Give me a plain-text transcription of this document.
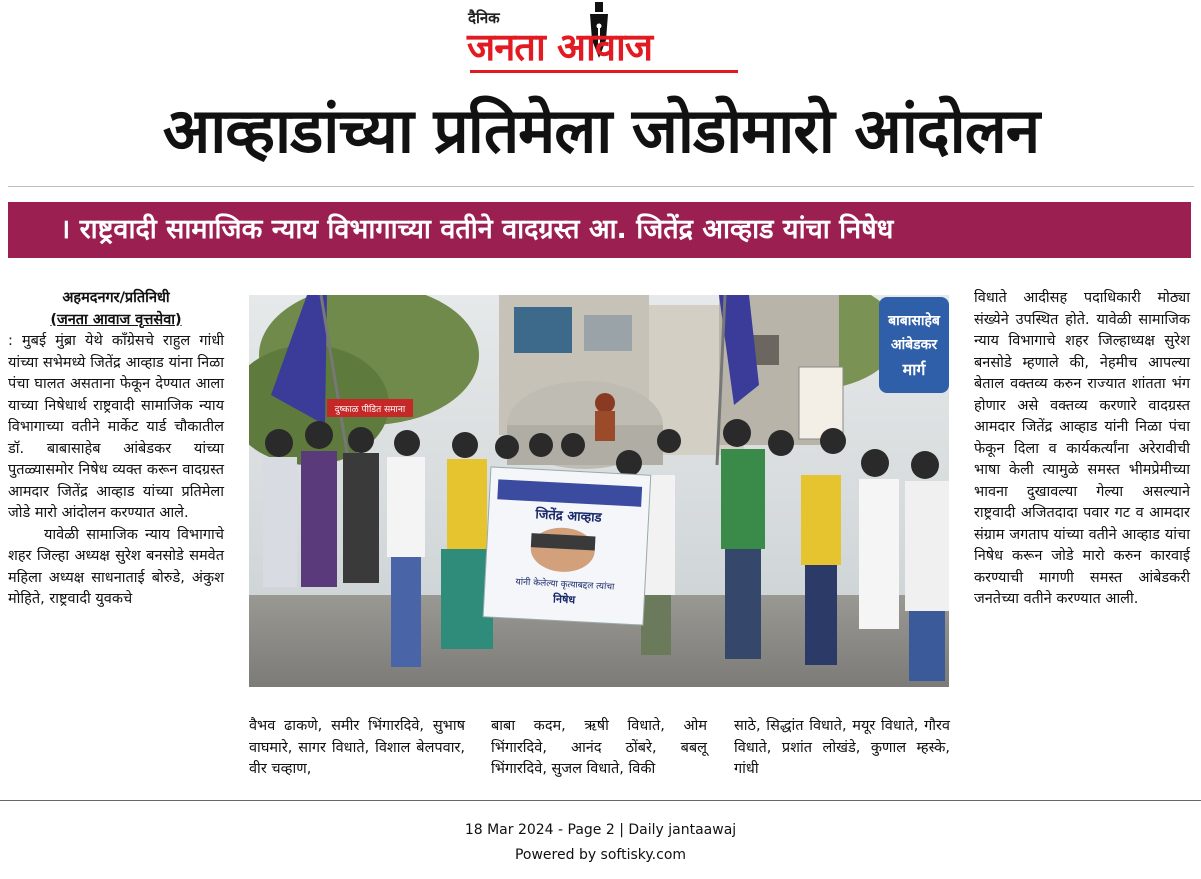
दैनिक
जनता आवाज
आव्हाडांच्या प्रतिमेला जोडोमारो आंदोलन
। राष्ट्रवादी सामाजिक न्याय विभागाच्या वतीने वादग्रस्त आ. जितेंद्र आव्हाड यांचा निषेध

अहमदनगर/प्रतिनिधी

(जनता आवाज वृत्तसेवा)

: मुबई मुंब्रा येथे कॉंग्रेसचे राहुल गांधी यांच्या सभेमध्ये जितेंद्र आव्हाड यांना निळा पंचा घालत असताना फेकून देण्यात आला याच्या निषेधार्थ राष्ट्रवादी सामाजिक न्याय विभागाच्या वतीने मार्केट यार्ड चौकातील डॉ. बाबासाहेब आंबेडकर यांच्या पुतळ्यासमोर निषेध व्यक्त करून वादग्रस्त आमदार जितेंद्र आव्हाड यांच्या प्रतिमेला जोडे मारो आंदोलन करण्यात आले.

यावेळी सामाजिक न्याय विभागाचे शहर जिल्हा अध्यक्ष सुरेश बनसोडे समवेत महिला अध्यक्ष साधनाताई बोरुडे, अंकुश मोहिते, राष्ट्रवादी युवकचे

बाबासाहेब
आंबेडकर
मार्ग
दुष्काळ पीडित समाना
जितेंद्र आव्हाड
यांनी केलेल्या कृत्याबद्दल त्यांचा
निषेध

वैभव ढाकणे, समीर भिंगारदिवे, सुभाष वाघमारे, सागर विधाते, विशाल बेलपवार, वीर चव्हाण,

बाबा कदम, ऋषी विधाते, ओम भिंगारदिवे, आनंद ठोंबरे, बबलू भिंगारदिवे, सुजल विधाते, विकी

साठे, सिद्धांत विधाते, मयूर विधाते, गौरव विधाते, प्रशांत लोखंडे, कुणाल म्हस्के, गांधी

विधाते आदीसह पदाधिकारी मोठ्या संख्येने उपस्थित होते. यावेळी सामाजिक न्याय विभागाचे शहर जिल्हाध्यक्ष सुरेश बनसोडे म्हणाले की, नेहमीच आपल्या बेताल वक्तव्य करुन राज्यात शांतता भंग होणार असे वक्तव्य करणारे वादग्रस्त आमदार जितेंद्र आव्हाड यांनी निळा पंचा फेकून दिला व कार्यकर्त्यांना अरेरावीची भाषा केली त्यामुळे समस्त भीमप्रेमीच्या भावना दुखावल्या गेल्या असल्याने राष्ट्रवादी अजितदादा पवार गट व आमदार संग्राम जगताप यांच्या वतीने आव्हाड यांचा निषेध करून जोडे मारो करुन कारवाई करण्याची मागणी समस्त आंबेडकरी जनतेच्या वतीने करण्यात आली.

18 Mar 2024 - Page 2 | Daily jantaawaj
Powered by softisky.com
